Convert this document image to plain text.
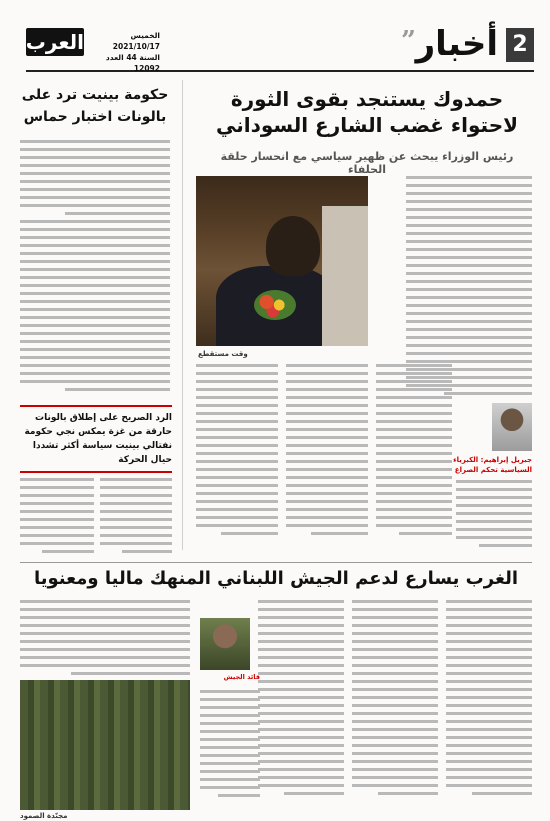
2
أخبار
”
العرب	الخميس 2021/10/17
السنة 44 العدد 12092
حمدوك يستنجد بقوى الثورة لاحتواء غضب الشارع السوداني
رئيس الوزراء يبحث عن ظهير سياسي مع انحسار حلقة الحلفاء
حكومة بينيت ترد على بالونات اختبار حماس
الرد الصريح على إطلاق بالونات حارقة من غزة يمكس نجي حكومة نفتالي بينيت سياسة أكثر تشددا حيال الحركة
وقت مستقطع
جبريل إبراهيم: الكبرياء السياسية تحكم الصراع
الغرب يسارع لدعم الجيش اللبناني المنهك ماليا ومعنويا
قائد الجيش
مجنّدة الصمود
